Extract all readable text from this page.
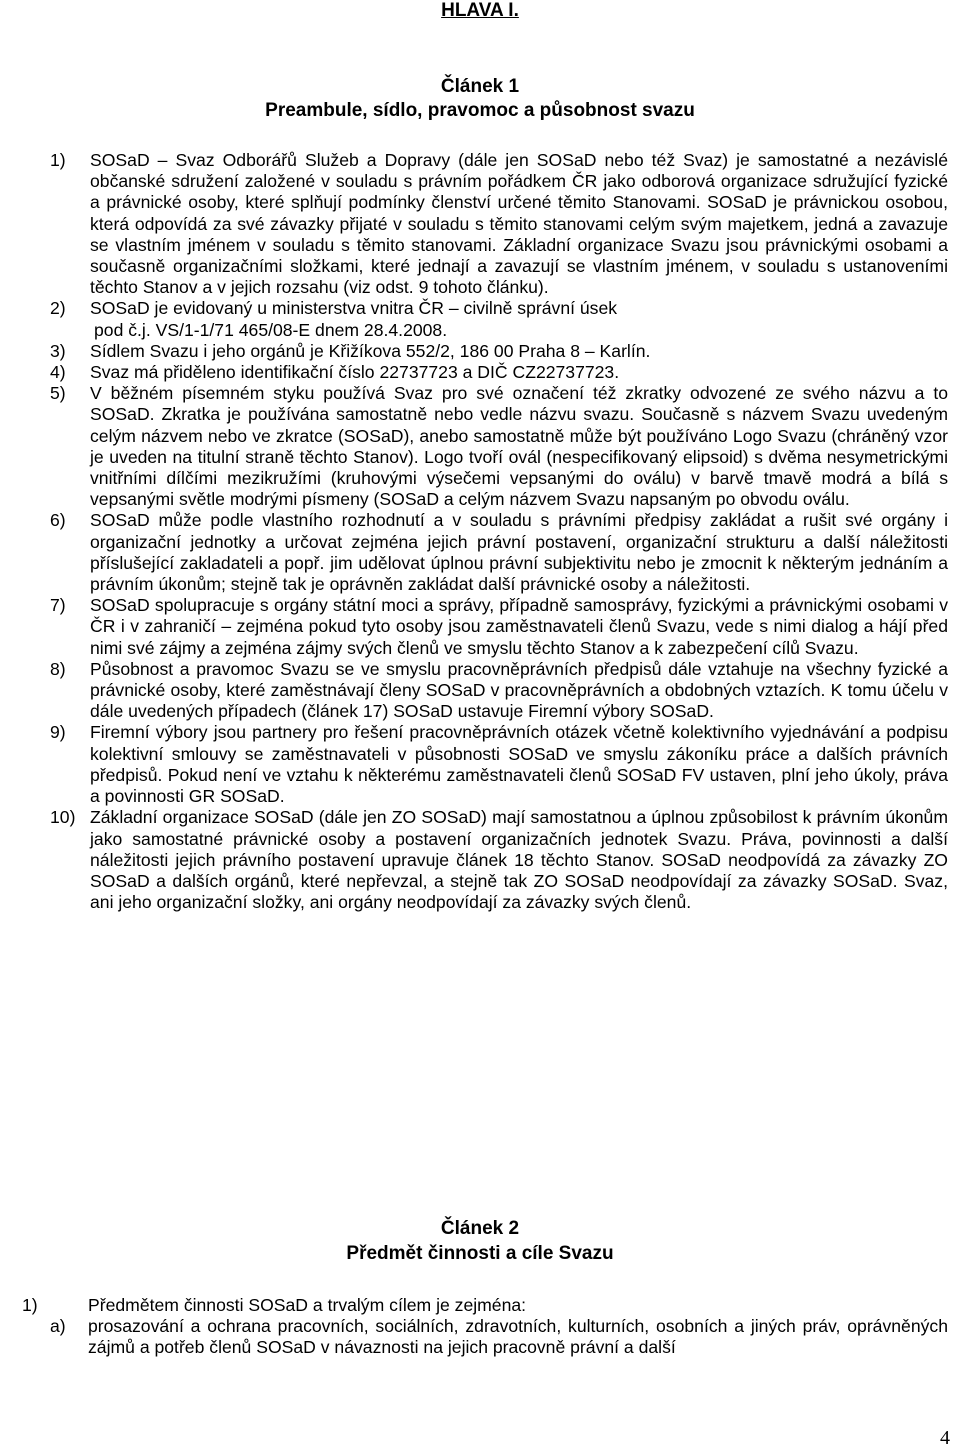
HLAVA I.
Článek 1
Preambule, sídlo, pravomoc a působnost svazu
1) SOSaD – Svaz Odborářů Služeb a Dopravy (dále jen SOSaD nebo též Svaz) je samostatné a nezávislé občanské sdružení založené v souladu s právním pořádkem ČR jako odborová organizace sdružující fyzické a právnické osoby, které splňují podmínky členství určené těmito Stanovami. SOSaD je právnickou osobou, která odpovídá za své závazky přijaté v souladu s těmito stanovami celým svým majetkem, jedná a zavazuje se vlastním jménem v souladu s těmito stanovami. Základní organizace Svazu jsou právnickými osobami a současně organizačními složkami, které jednají a zavazují se vlastním jménem, v souladu s ustanoveními těchto Stanov a v jejich rozsahu (viz odst. 9 tohoto článku).

2) SOSaD je evidovaný u ministerstva vnitra ČR – civilně správní úsek

pod č.j. VS/1-1/71 465/08-E dnem 28.4.2008.

3) Sídlem Svazu i jeho orgánů je Křižíkova 552/2, 186 00 Praha 8 – Karlín.

4) Svaz má přiděleno identifikační číslo 22737723 a DIČ CZ22737723.

5) V běžném písemném styku používá Svaz pro své označení též zkratky odvozené ze svého názvu a to SOSaD. Zkratka je používána samostatně nebo vedle názvu svazu. Současně s názvem Svazu uvedeným celým názvem nebo ve zkratce (SOSaD), anebo samostatně může být používáno Logo Svazu (chráněný vzor je uveden na titulní straně těchto Stanov). Logo tvoří ovál (nespecifikovaný elipsoid) s dvěma nesymetrickými vnitřními dílčími mezikružími (kruhovými výsečemi vepsanými do oválu) v barvě tmavě modrá a bílá s vepsanými světle modrými písmeny (SOSaD a celým názvem Svazu napsaným po obvodu oválu.

6) SOSaD může podle vlastního rozhodnutí a v souladu s právními předpisy zakládat a rušit své orgány i organizační jednotky a určovat zejména jejich právní postavení, organizační strukturu a další náležitosti příslušející zakladateli a popř. jim udělovat úplnou právní subjektivitu nebo je zmocnit k některým jednáním a právním úkonům; stejně tak je oprávněn zakládat další právnické osoby a náležitosti.

7) SOSaD spolupracuje s orgány státní moci a správy, případně samosprávy, fyzickými a právnickými osobami v ČR i v zahraničí – zejména pokud tyto osoby jsou zaměstnavateli členů Svazu, vede s nimi dialog a hájí před nimi své zájmy a zejména zájmy svých členů ve smyslu těchto Stanov a k zabezpečení cílů Svazu.

8) Působnost a pravomoc Svazu se ve smyslu pracovněprávních předpisů dále vztahuje na všechny fyzické a právnické osoby, které zaměstnávají členy SOSaD v pracovněprávních a obdobných vztazích. K tomu účelu v dále uvedených případech (článek 17) SOSaD ustavuje Firemní výbory SOSaD.

9) Firemní výbory jsou partnery pro řešení pracovněprávních otázek včetně kolektivního vyjednávání a podpisu kolektivní smlouvy se zaměstnavateli v působnosti SOSaD ve smyslu zákoníku práce a dalších právních předpisů. Pokud není ve vztahu k některému zaměstnavateli členů SOSaD FV ustaven, plní jeho úkoly, práva a povinnosti GR SOSaD.

10) Základní organizace SOSaD (dále jen ZO SOSaD) mají samostatnou a úplnou způsobilost k právním úkonům jako samostatné právnické osoby a postavení organizačních jednotek Svazu. Práva, povinnosti a další náležitosti jejich právního postavení upravuje článek 18 těchto Stanov. SOSaD neodpovídá za závazky ZO SOSaD a dalších orgánů, které nepřevzal, a stejně tak ZO SOSaD neodpovídají za závazky SOSaD. Svaz, ani jeho organizační složky, ani orgány neodpovídají za závazky svých členů.

Článek 2
Předmět činnosti a cíle Svazu
1)	Předmětem činnosti SOSaD a trvalým cílem je zejména:

a) prosazování a ochrana pracovních, sociálních, zdravotních, kulturních, osobních a jiných práv, oprávněných zájmů a potřeb členů SOSaD v návaznosti na jejich pracovně právní a další

4
